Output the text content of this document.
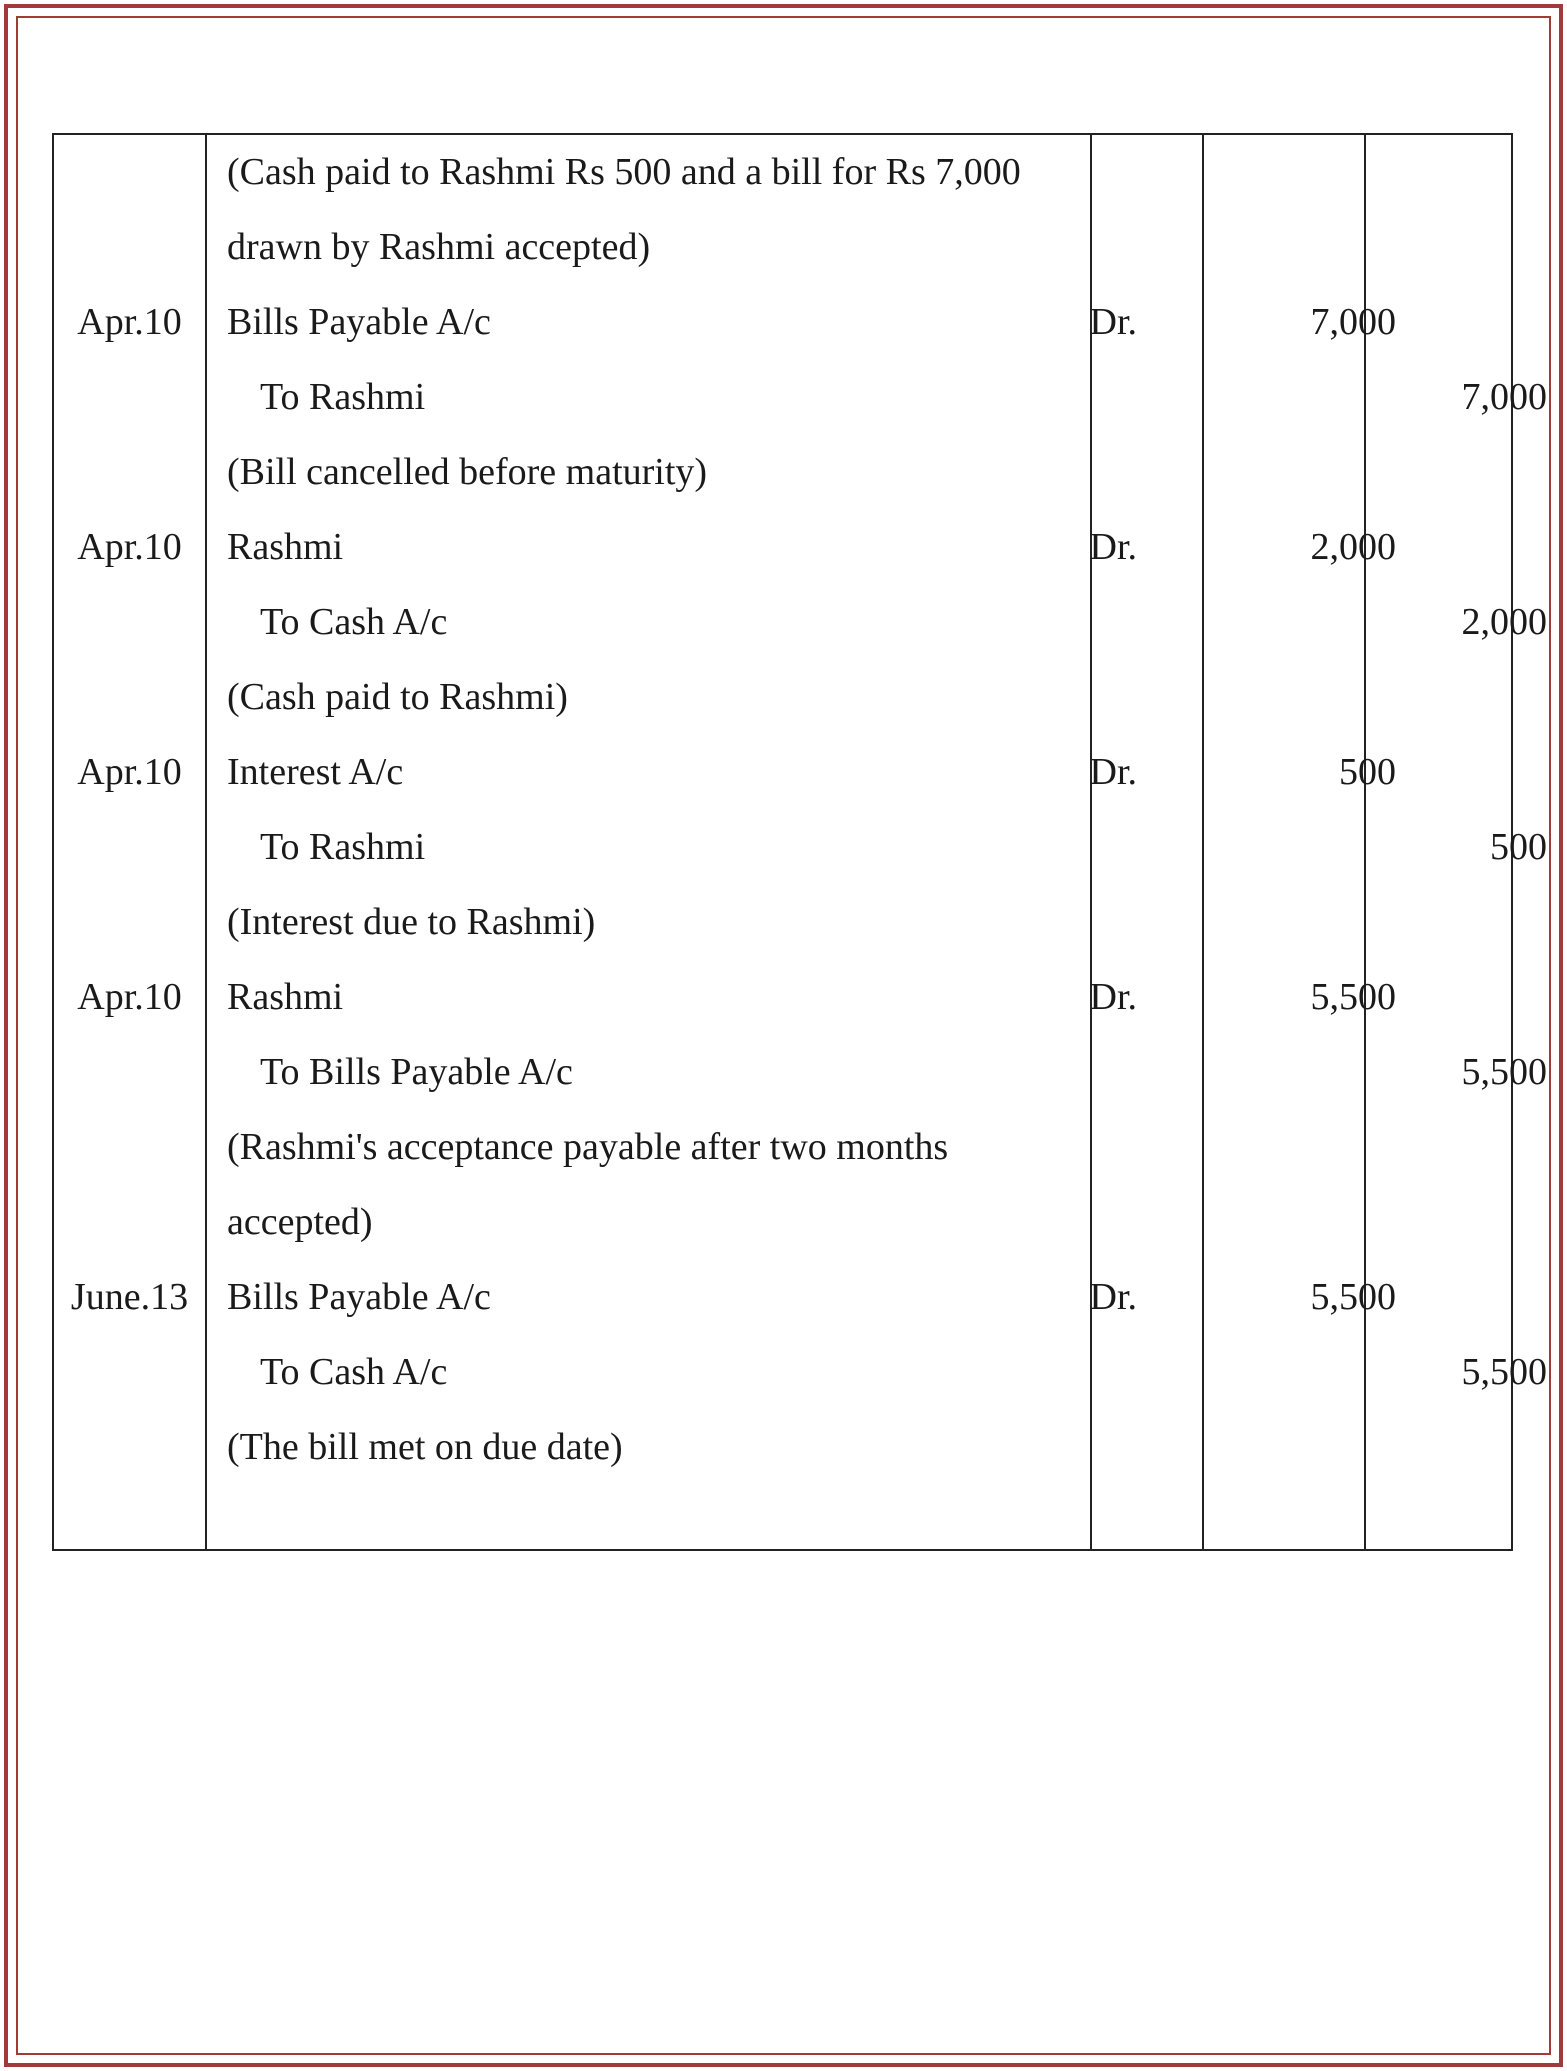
(Cash paid to Rashmi Rs 500 and a bill for Rs 7,000
drawn by Rashmi accepted)
Apr.10	Bills Payable A/c	Dr.	7,000
To Rashmi	7,000
(Bill cancelled before maturity)
Apr.10	Rashmi	Dr.	2,000
To Cash A/c	2,000
(Cash paid to Rashmi)
Apr.10	Interest A/c	Dr.	500
To Rashmi	500
(Interest due to Rashmi)
Apr.10	Rashmi	Dr.	5,500
To Bills Payable A/c	5,500
(Rashmi's acceptance payable after two months
accepted)
June.13	Bills Payable A/c	Dr.	5,500
To Cash A/c	5,500
(The bill met on due date)
